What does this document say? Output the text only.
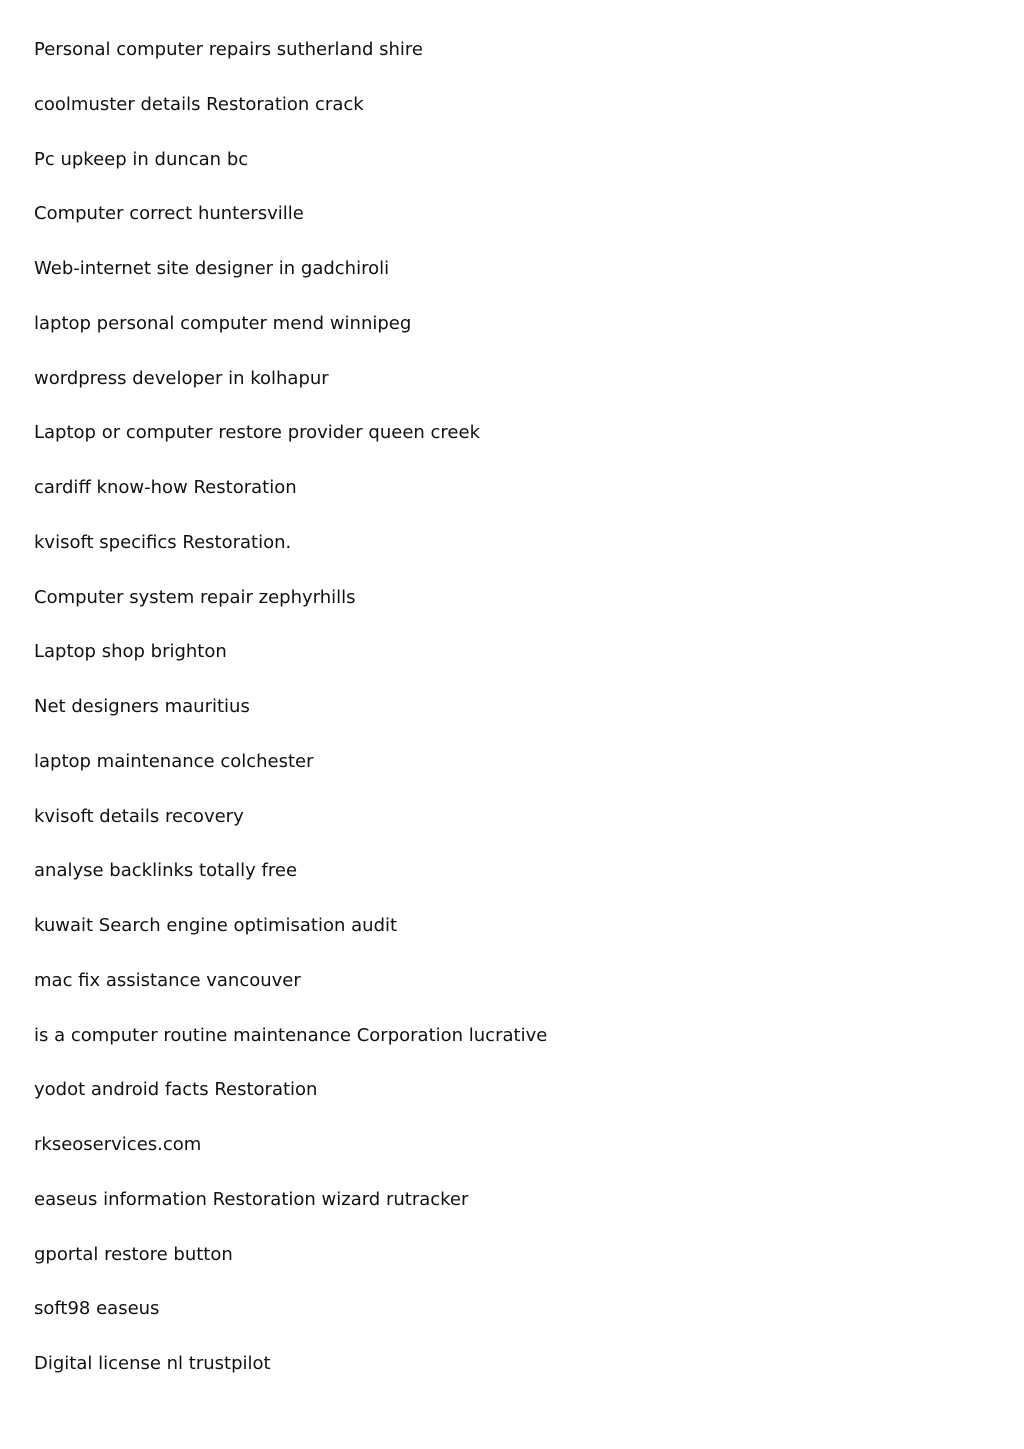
Personal computer repairs sutherland shire
coolmuster details Restoration crack
Pc upkeep in duncan bc
Computer correct huntersville
Web-internet site designer in gadchiroli
laptop personal computer mend winnipeg
wordpress developer in kolhapur
Laptop or computer restore provider queen creek
cardiff know-how Restoration
kvisoft specifics Restoration.
Computer system repair zephyrhills
Laptop shop brighton
Net designers mauritius
laptop maintenance colchester
kvisoft details recovery
analyse backlinks totally free
kuwait Search engine optimisation audit
mac fix assistance vancouver
is a computer routine maintenance Corporation lucrative
yodot android facts Restoration
rkseoservices.com
easeus information Restoration wizard rutracker
gportal restore button
soft98 easeus
Digital license nl trustpilot
